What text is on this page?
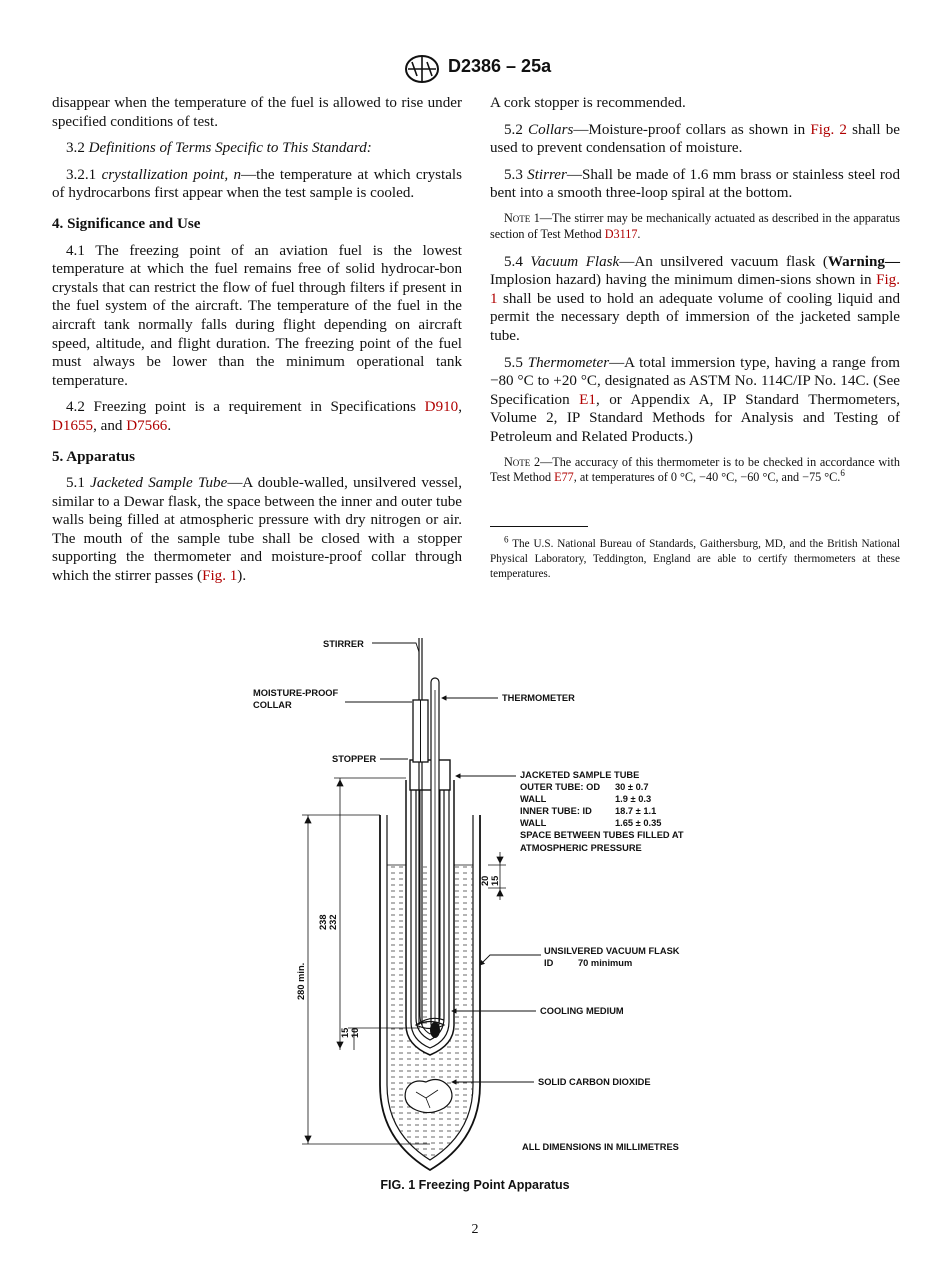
D2386 – 25a

disappear when the temperature of the fuel is allowed to rise under specified conditions of test.

3.2 Definitions of Terms Specific to This Standard:

3.2.1 crystallization point, n—the temperature at which crystals of hydrocarbons first appear when the test sample is cooled.

4. Significance and Use

4.1 The freezing point of an aviation fuel is the lowest temperature at which the fuel remains free of solid hydrocar-bon crystals that can restrict the flow of fuel through filters if present in the fuel system of the aircraft. The temperature of the fuel in the aircraft tank normally falls during flight depending on aircraft speed, altitude, and flight duration. The freezing point of the fuel must always be lower than the minimum operational tank temperature.

4.2 Freezing point is a requirement in Specifications D910, D1655, and D7566.

5. Apparatus

5.1 Jacketed Sample Tube—A double-walled, unsilvered vessel, similar to a Dewar flask, the space between the inner and outer tube walls being filled at atmospheric pressure with dry nitrogen or air. The mouth of the sample tube shall be closed with a stopper supporting the thermometer and moisture-proof collar through which the stirrer passes (Fig. 1).

A cork stopper is recommended.

5.2 Collars—Moisture-proof collars as shown in Fig. 2 shall be used to prevent condensation of moisture.

5.3 Stirrer—Shall be made of 1.6 mm brass or stainless steel rod bent into a smooth three-loop spiral at the bottom.

Note 1—The stirrer may be mechanically actuated as described in the apparatus section of Test Method D3117.

5.4 Vacuum Flask—An unsilvered vacuum flask (Warning—Implosion hazard) having the minimum dimen-sions shown in Fig. 1 shall be used to hold an adequate volume of cooling liquid and permit the necessary depth of immersion of the jacketed sample tube.

5.5 Thermometer—A total immersion type, having a range from −80 °C to +20 °C, designated as ASTM No. 114C/IP No. 14C. (See Specification E1, or Appendix A, IP Standard Thermometers, Volume 2, IP Standard Methods for Analysis and Testing of Petroleum and Related Products.)

Note 2—The accuracy of this thermometer is to be checked in accordance with Test Method E77, at temperatures of 0 °C, −40 °C, −60 °C, and −75 °C.$^6$

$^6$ The U.S. National Bureau of Standards, Gaithersburg, MD, and the British National Physical Laboratory, Teddington, England are able to certify thermometers at these temperatures.

STIRRER
MOISTURE-PROOF
COLLAR
THERMOMETER
STOPPER
JACKETED SAMPLE TUBE
OUTER TUBE: OD 30 ± 0.7
WALL	1.9 ± 0.3
INNER TUBE: ID 18.7 ± 1.1
WALL	1.65 ± 0.35
SPACE BETWEEN TUBES FILLED AT
ATMOSPHERIC PRESSURE
UNSILVERED VACUUM FLASK
ID	70 minimum
COOLING MEDIUM
SOLID CARBON DIOXIDE
ALL DIMENSIONS IN MILLIMETRES
280 min.
238 232
15 10
20 15
FIG. 1 Freezing Point Apparatus
2
